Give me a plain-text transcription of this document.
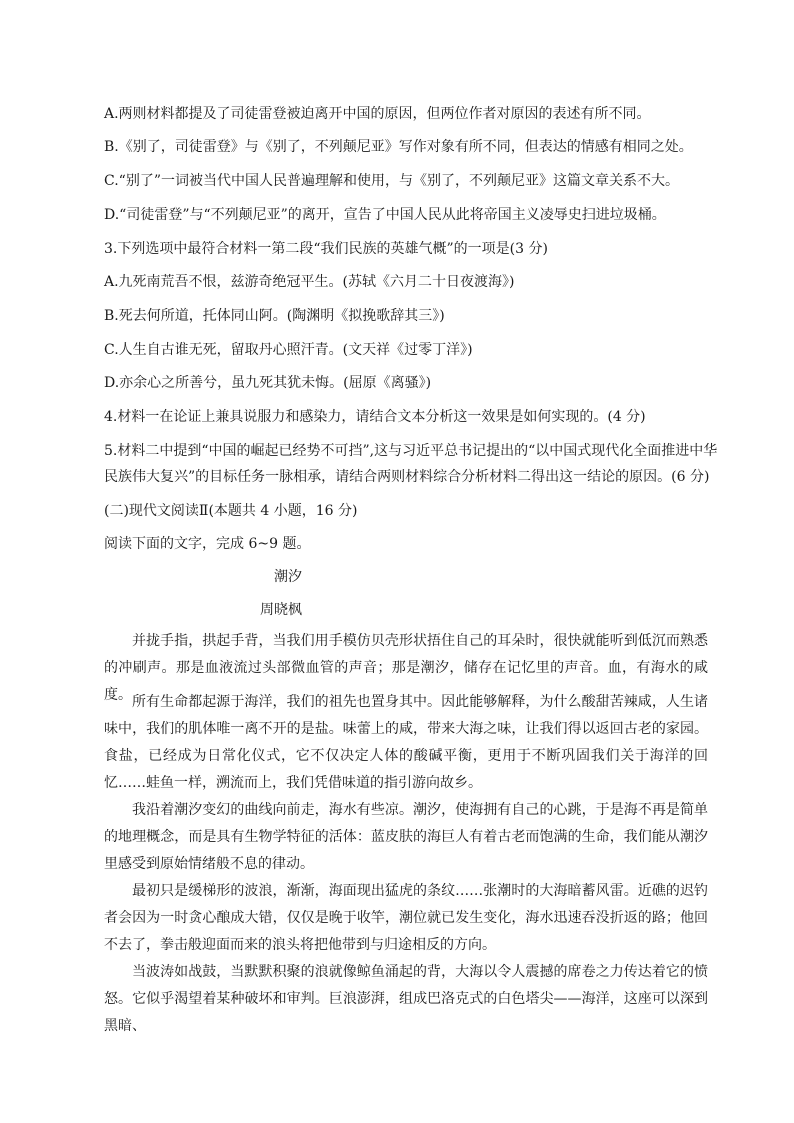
A.两则材料都提及了司徒雷登被迫离开中国的原因，但两位作者对原因的表述有所不同。
B.《别了，司徒雷登》与《别了，不列颠尼亚》写作对象有所不同，但表达的情感有相同之处。
C.“别了”一词被当代中国人民普遍理解和使用，与《别了，不列颠尼亚》这篇文章关系不大。
D.“司徒雷登”与“不列颠尼亚”的离开，宣告了中国人民从此将帝国主义凌辱史扫进垃圾桶。
3.下列选项中最符合材料一第二段“我们民族的英雄气概”的一项是(3 分)
A.九死南荒吾不恨，兹游奇绝冠平生。(苏轼《六月二十日夜渡海》)
B.死去何所道，托体同山阿。(陶渊明《拟挽歌辞其三》)
C.人生自古谁无死，留取丹心照汗青。(文天祥《过零丁洋》)
D.亦余心之所善兮，虽九死其犹未悔。(屈原《离骚》)
4.材料一在论证上兼具说服力和感染力，请结合文本分析这一效果是如何实现的。(4 分)
5.材料二中提到“中国的崛起已经势不可挡”,这与习近平总书记提出的“以中国式现代化全面推进中华
民族伟大复兴”的目标任务一脉相承，请结合两则材料综合分析材料二得出这一结论的原因。(6 分)
(二)现代文阅读Ⅱ(本题共 4 小题，16 分)
阅读下面的文字，完成 6~9 题。
潮汐
周晓枫
并拢手指，拱起手背，当我们用手模仿贝壳形状捂住自己的耳朵时，很快就能听到低沉而熟悉的冲刷声。那是血液流过头部微血管的声音；那是潮汐，储存在记忆里的声音。血，有海水的咸度。 所有生命都起源于海洋，我们的祖先也置身其中。因此能够解释，为什么酸甜苦辣咸，人生诸味中，我们的肌体唯一离不开的是盐。味蕾上的咸，带来大海之味，让我们得以返回古老的家园。食盐，已经成为日常化仪式，它不仅决定人体的酸碱平衡，更用于不断巩固我们关于海洋的回忆……蛙鱼一样，溯流而上，我们凭借味道的指引游向故乡。
我沿着潮汐变幻的曲线向前走，海水有些凉。潮汐，使海拥有自己的心跳，于是海不再是简单的地理概念，而是具有生物学特征的活体：蓝皮肤的海巨人有着古老而饱满的生命，我们能从潮汐里感受到原始情绪般不息的律动。
最初只是缓梯形的波浪，渐渐，海面现出猛虎的条纹……张潮时的大海暗蓄风雷。近礁的迟钓者会因为一时贪心酿成大错，仅仅是晚于收竿，潮位就已发生变化，海水迅速吞没折返的路；他回不去了，拳击般迎面而来的浪头将把他带到与归途相反的方向。
当波涛如战鼓，当默默积聚的浪就像鲸鱼涌起的背，大海以令人震撼的席卷之力传达着它的愤怒。它似乎渴望着某种破坏和审判。巨浪澎湃，组成巴洛克式的白色塔尖——海洋，这座可以深到黑暗、
